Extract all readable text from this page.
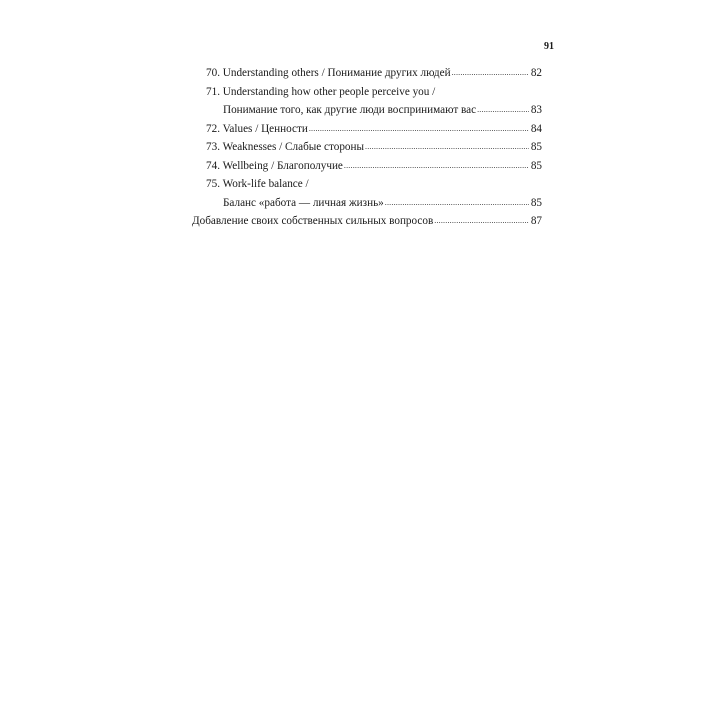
91
70. Understanding others / Понимание других людей .....	82
71. Understanding how other people perceive you /
Понимание того, как другие люди воспринимают вас .....	83
72. Values / Ценности .....	84
73. Weaknesses / Слабые стороны .....	85
74. Wellbeing / Благополучие .....	85
75. Work-life balance /
Баланс «работа — личная жизнь» .....	85
Добавление своих собственных сильных вопросов .....	87
